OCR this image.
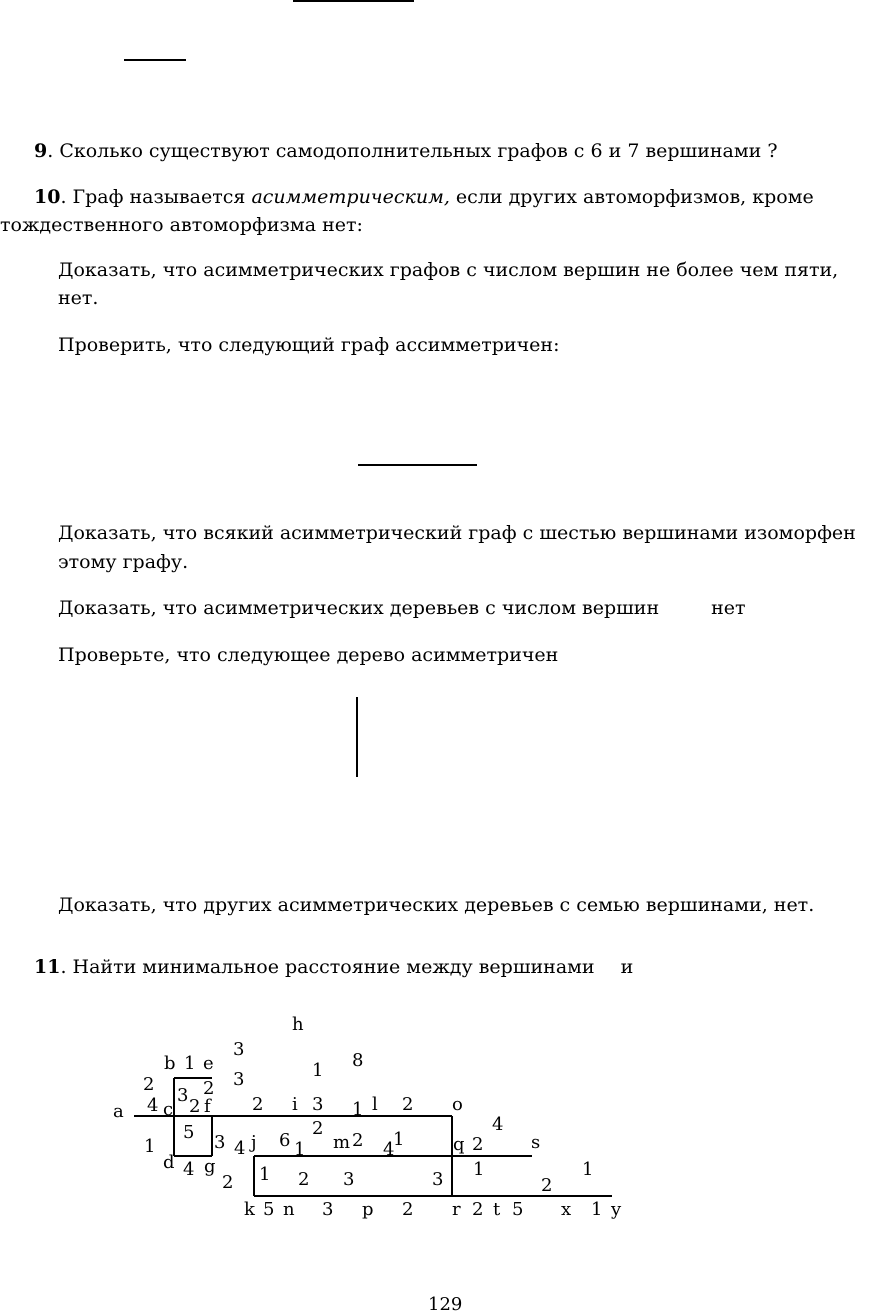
9. Сколько существуют самодополнительных графов с 6 и 7 вершинами ?
10. Граф называется асимметрическим, если других автоморфизмов, кроме
тождественного автоморфизма нет:
Доказать, что асимметрических графов с числом вершин не более чем пяти,
нет.
Проверить, что следующий граф ассимметричен:
Доказать, что всякий асимметрический граф с шестью вершинами изоморфен
этому графу.
Доказать, что асимметрических деревьев с числом вершин	нет
Проверьте, что следующее дерево асимметричен
Доказать, что других асимметрических деревьев с семью вершинами, нет.
11. Найти минимальное расстояние между вершинами и
a
b
c
d
e
f
g
h
i
j
k
l
m
n
o
p
q
r
s
t	x y
2
4
1
1
3
2
2
3
3
5 3 4
4
2
2
1
3 1
8
6 1
2
2 1
1 2 3	3
5	3
2
2
4
1
2
5
2
1
1
4
2
129
